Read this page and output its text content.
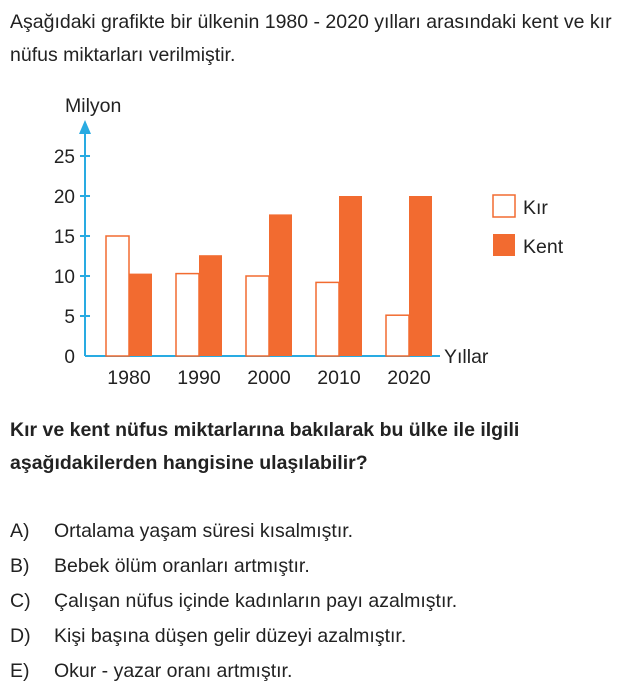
Aşağıdaki grafikte bir ülkenin 1980 - 2020 yılları arasındaki kent ve kır nüfus miktarları verilmiştir.
0
5
10
15
20
25
Milyon
Yıllar
1980 1990 2000 2010 2020
Kır
Kent
Kır ve kent nüfus miktarlarına bakılarak bu ülke ile ilgili aşağıdakilerden hangisine ulaşılabilir?
A) Ortalama yaşam süresi kısalmıştır.
B) Bebek ölüm oranları artmıştır.
C) Çalışan nüfus içinde kadınların payı azalmıştır.
D) Kişi başına düşen gelir düzeyi azalmıştır.
E) Okur - yazar oranı artmıştır.
